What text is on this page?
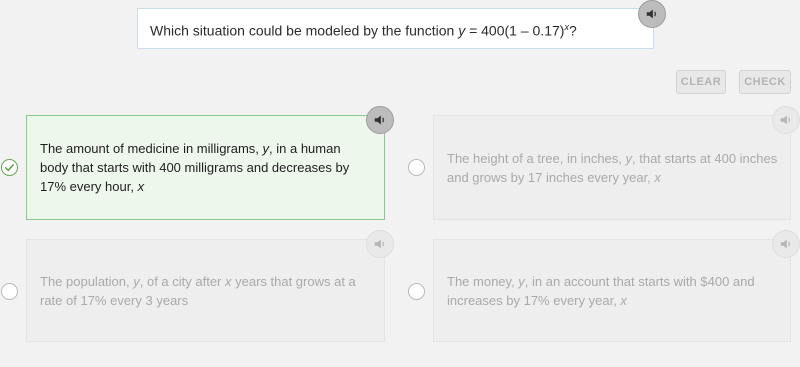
Which situation could be modeled by the function y = 400(1 – 0.17)$^x$?
CLEAR	CHECK
The amount of medicine in milligrams, y, in a human body that starts with 400 milligrams and decreases by 17% every hour, x
The height of a tree, in inches, y, that starts at 400 inches and grows by 17 inches every year, x
The population, y, of a city after x years that grows at a rate of 17% every 3 years
The money, y, in an account that starts with $400 and increases by 17% every year, x
